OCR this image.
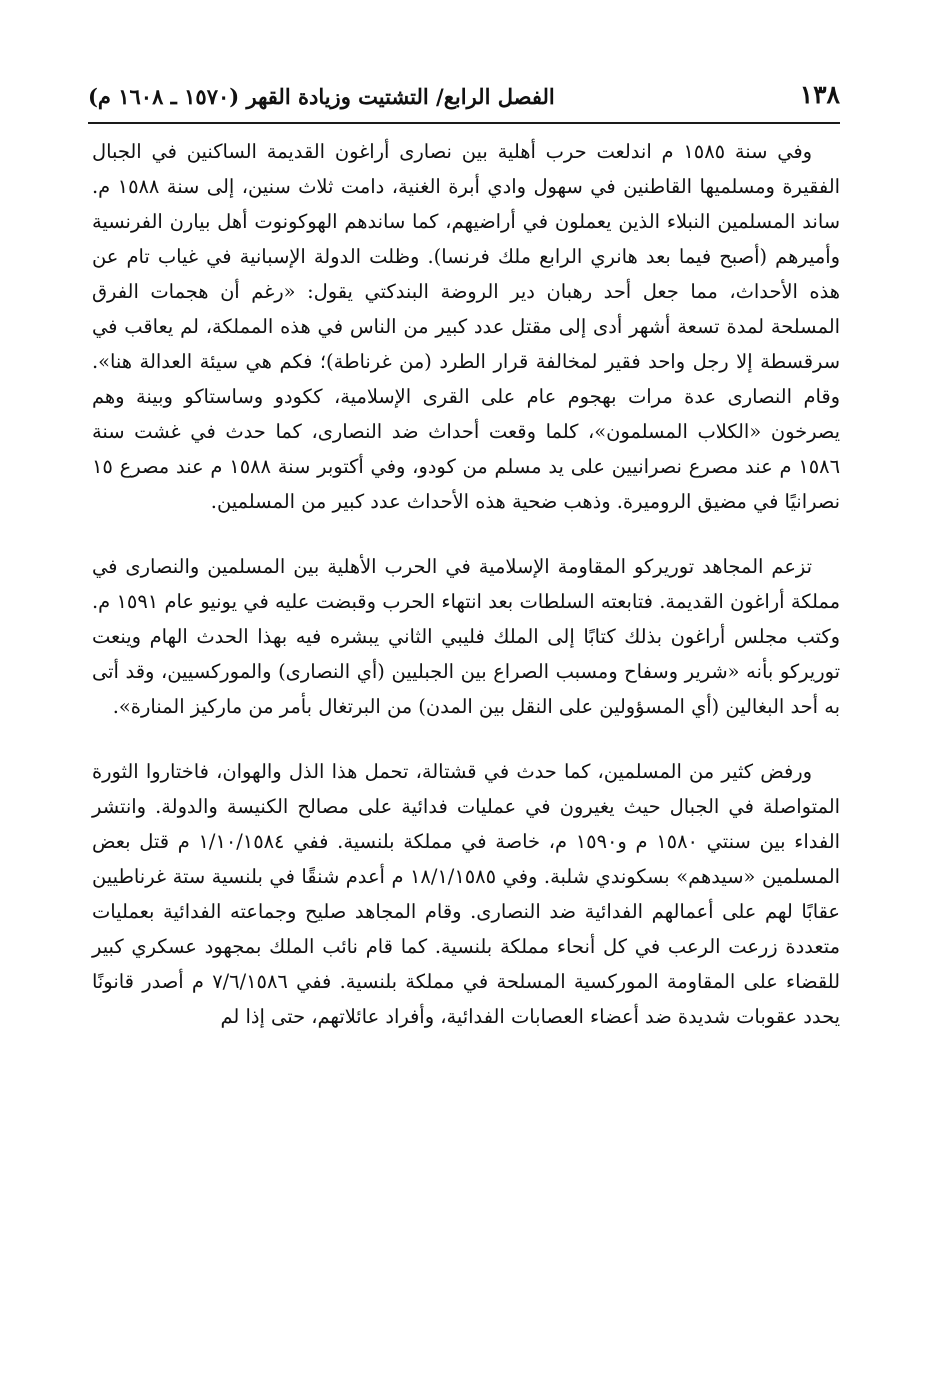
١٣٨
الفصل الرابع/ التشتيت وزيادة القهر (١٥٧٠ ـ ١٦٠٨ م)

وفي سنة ١٥٨٥ م اندلعت حرب أهلية بين نصارى أراغون القديمة الساكنين في الجبال الفقيرة ومسلميها القاطنين في سهول وادي أبرة الغنية، دامت ثلاث سنين، إلى سنة ١٥٨٨ م. ساند المسلمين النبلاء الذين يعملون في أراضيهم، كما ساندهم الهوكونوت أهل بيارن الفرنسية وأميرهم (أصبح فيما بعد هانري الرابع ملك فرنسا). وظلت الدولة الإسبانية في غياب تام عن هذه الأحداث، مما جعل أحد رهبان دير الروضة البندكتي يقول: «رغم أن هجمات الفرق المسلحة لمدة تسعة أشهر أدى إلى مقتل عدد كبير من الناس في هذه المملكة، لم يعاقب في سرقسطة إلا رجل واحد فقير لمخالفة قرار الطرد (من غرناطة)؛ فكم هي سيئة العدالة هنا». وقام النصارى عدة مرات بهجوم عام على القرى الإسلامية، ككودو وساستاكو وبينة وهم يصرخون «الكلاب المسلمون»، كلما وقعت أحداث ضد النصارى، كما حدث في غشت سنة ١٥٨٦ م عند مصرع نصرانيين على يد مسلم من كودو، وفي أكتوبر سنة ١٥٨٨ م عند مصرع ١٥ نصرانيًا في مضيق الروميرة. وذهب ضحية هذه الأحداث عدد كبير من المسلمين.

تزعم المجاهد توريركو المقاومة الإسلامية في الحرب الأهلية بين المسلمين والنصارى في مملكة أراغون القديمة. فتابعته السلطات بعد انتهاء الحرب وقبضت عليه في يونيو عام ١٥٩١ م. وكتب مجلس أراغون بذلك كتابًا إلى الملك فليبي الثاني يبشره فيه بهذا الحدث الهام وينعت توريركو بأنه «شرير وسفاح ومسبب الصراع بين الجبليين (أي النصارى) والموركسيين، وقد أتى به أحد البغالين (أي المسؤولين على النقل بين المدن) من البرتغال بأمر من ماركيز المنارة».

ورفض كثير من المسلمين، كما حدث في قشتالة، تحمل هذا الذل والهوان، فاختاروا الثورة المتواصلة في الجبال حيث يغيرون في عمليات فدائية على مصالح الكنيسة والدولة. وانتشر الفداء بين سنتي ١٥٨٠ م و١٥٩٠ م، خاصة في مملكة بلنسية. ففي ١/١٠/١٥٨٤ م قتل بعض المسلمين «سيدهم» بسكوندي شلبة. وفي ١٨/١/١٥٨٥ م أعدم شنقًا في بلنسية ستة غرناطيين عقابًا لهم على أعمالهم الفدائية ضد النصارى. وقام المجاهد صليح وجماعته الفدائية بعمليات متعددة زرعت الرعب في كل أنحاء مملكة بلنسية. كما قام نائب الملك بمجهود عسكري كبير للقضاء على المقاومة الموركسية المسلحة في مملكة بلنسية. ففي ٧/٦/١٥٨٦ م أصدر قانونًا يحدد عقوبات شديدة ضد أعضاء العصابات الفدائية، وأفراد عائلاتهم، حتى إذا لم
